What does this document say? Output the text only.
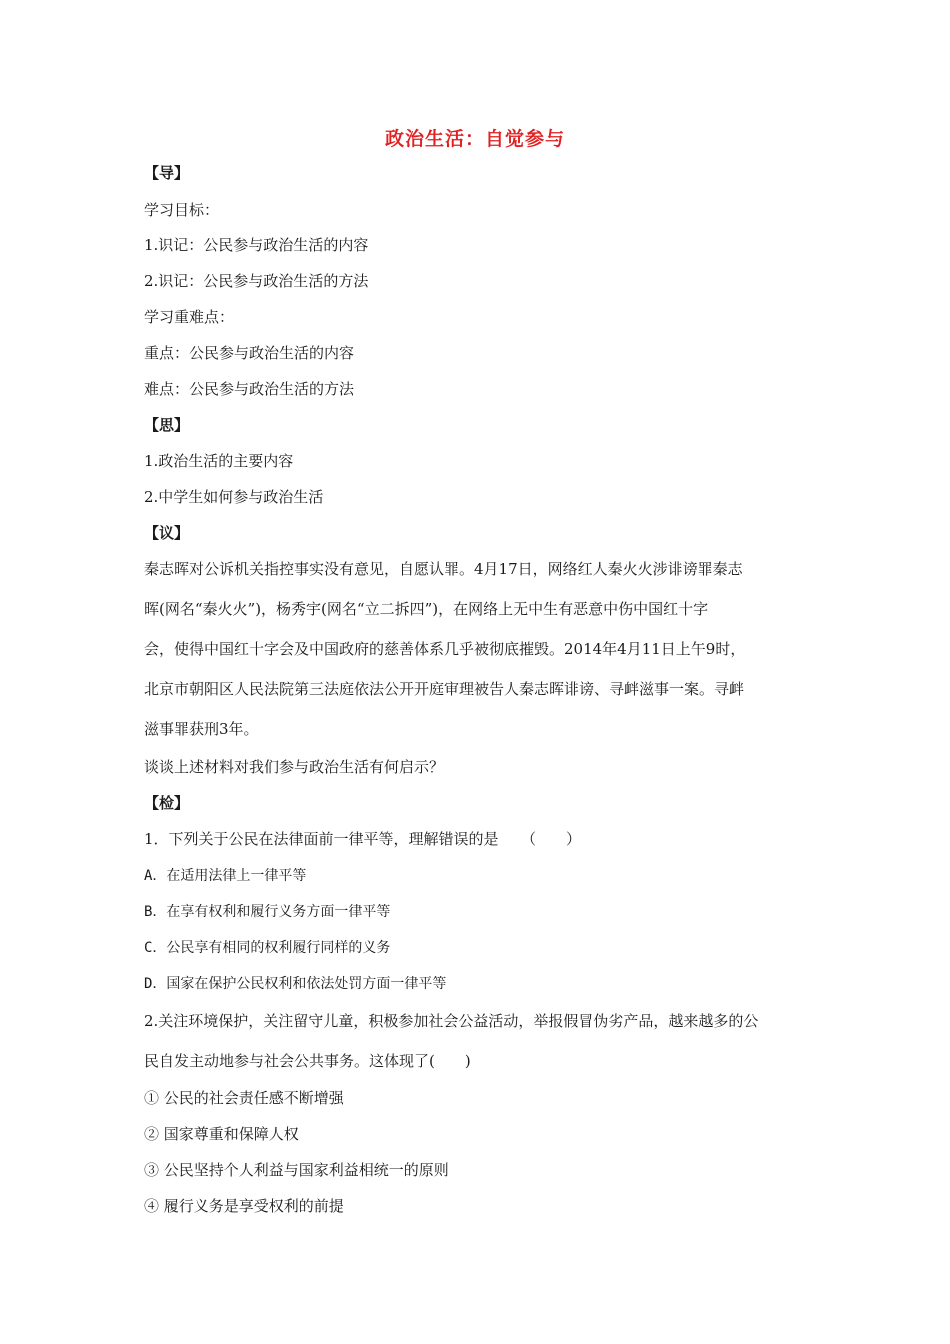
政治生活：自觉参与
【导】
学习目标：
1.识记：公民参与政治生活的内容
2.识记：公民参与政治生活的方法
学习重难点：
重点：公民参与政治生活的内容
难点：公民参与政治生活的方法
【思】
1.政治生活的主要内容
2.中学生如何参与政治生活
【议】
秦志晖对公诉机关指控事实没有意见，自愿认罪。4月17日，网络红人秦火火涉诽谤罪秦志
晖(网名“秦火火”)，杨秀宇(网名“立二拆四”)，在网络上无中生有恶意中伤中国红十字
会，使得中国红十字会及中国政府的慈善体系几乎被彻底摧毁。2014年4月11日上午9时，
北京市朝阳区人民法院第三法庭依法公开开庭审理被告人秦志晖诽谤、寻衅滋事一案。寻衅
滋事罪获刑3年。
谈谈上述材料对我们参与政治生活有何启示？
【检】
1．下列关于公民在法律面前一律平等，理解错误的是　　（　　）
A．在适用法律上一律平等
B．在享有权利和履行义务方面一律平等
C．公民享有相同的权利履行同样的义务
D．国家在保护公民权利和依法处罚方面一律平等
2.关注环境保护，关注留守儿童，积极参加社会公益活动，举报假冒伪劣产品，越来越多的公
民自发主动地参与社会公共事务。这体现了(　　)
① 公民的社会责任感不断增强
② 国家尊重和保障人权
③ 公民坚持个人利益与国家利益相统一的原则
④ 履行义务是享受权利的前提
